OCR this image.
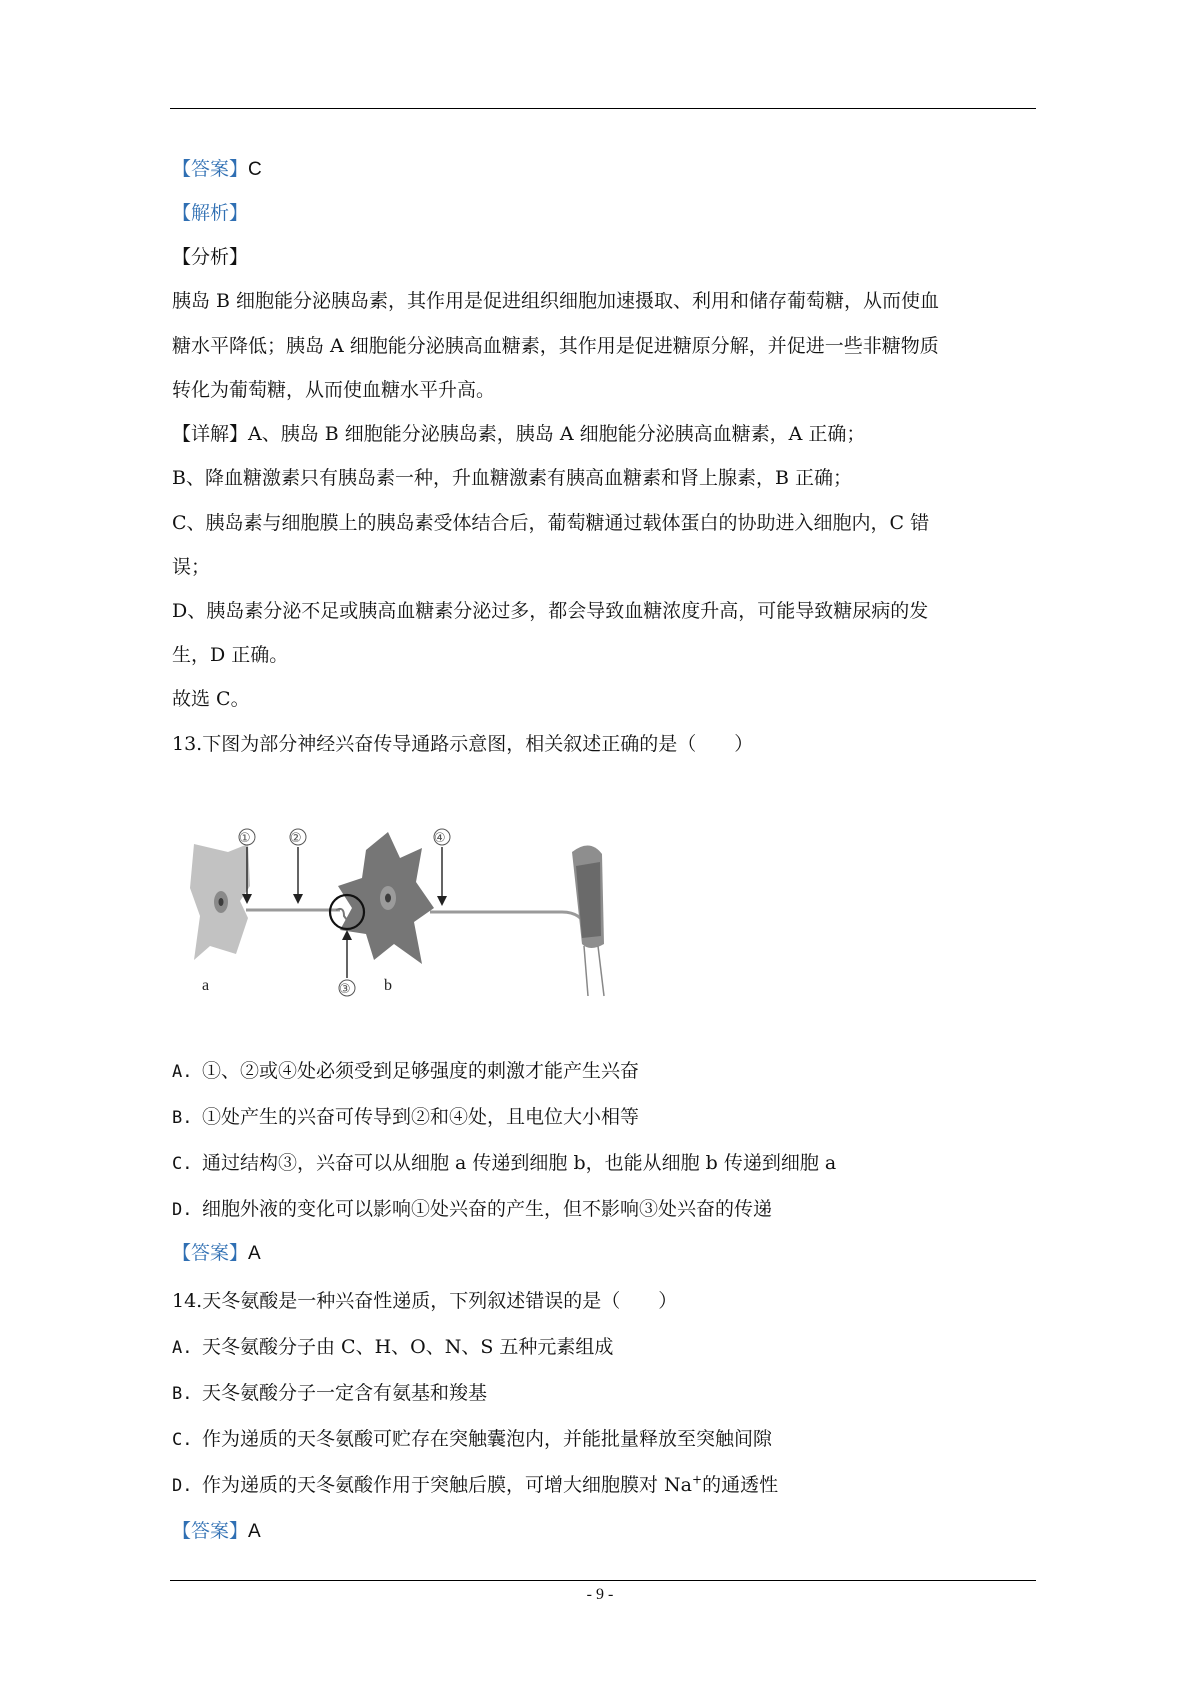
【答案】C
【解析】
【分析】
胰岛 B 细胞能分泌胰岛素，其作用是促进组织细胞加速摄取、利用和储存葡萄糖，从而使血
糖水平降低；胰岛 A 细胞能分泌胰高血糖素，其作用是促进糖原分解，并促进一些非糖物质
转化为葡萄糖，从而使血糖水平升高。
【详解】A、胰岛 B 细胞能分泌胰岛素，胰岛 A 细胞能分泌胰高血糖素，A 正确；
B、降血糖激素只有胰岛素一种，升血糖激素有胰高血糖素和肾上腺素，B 正确；
C、胰岛素与细胞膜上的胰岛素受体结合后，葡萄糖通过载体蛋白的协助进入细胞内，C 错
误；
D、胰岛素分泌不足或胰高血糖素分泌过多，都会导致血糖浓度升高，可能导致糖尿病的发
生，D 正确。
故选 C。
13.下图为部分神经兴奋传导通路示意图，相关叙述正确的是（　　）
a	b
①	②
③
④
A. ①、②或④处必须受到足够强度的刺激才能产生兴奋
B. ①处产生的兴奋可传导到②和④处，且电位大小相等
C. 通过结构③，兴奋可以从细胞 a 传递到细胞 b，也能从细胞 b 传递到细胞 a
D. 细胞外液的变化可以影响①处兴奋的产生，但不影响③处兴奋的传递
【答案】A
14.天冬氨酸是一种兴奋性递质，下列叙述错误的是（　　）
A. 天冬氨酸分子由 C、H、O、N、S 五种元素组成
B. 天冬氨酸分子一定含有氨基和羧基
C. 作为递质的天冬氨酸可贮存在突触囊泡内，并能批量释放至突触间隙
D. 作为递质的天冬氨酸作用于突触后膜，可增大细胞膜对 Na+的通透性
【答案】A
- 9 -
